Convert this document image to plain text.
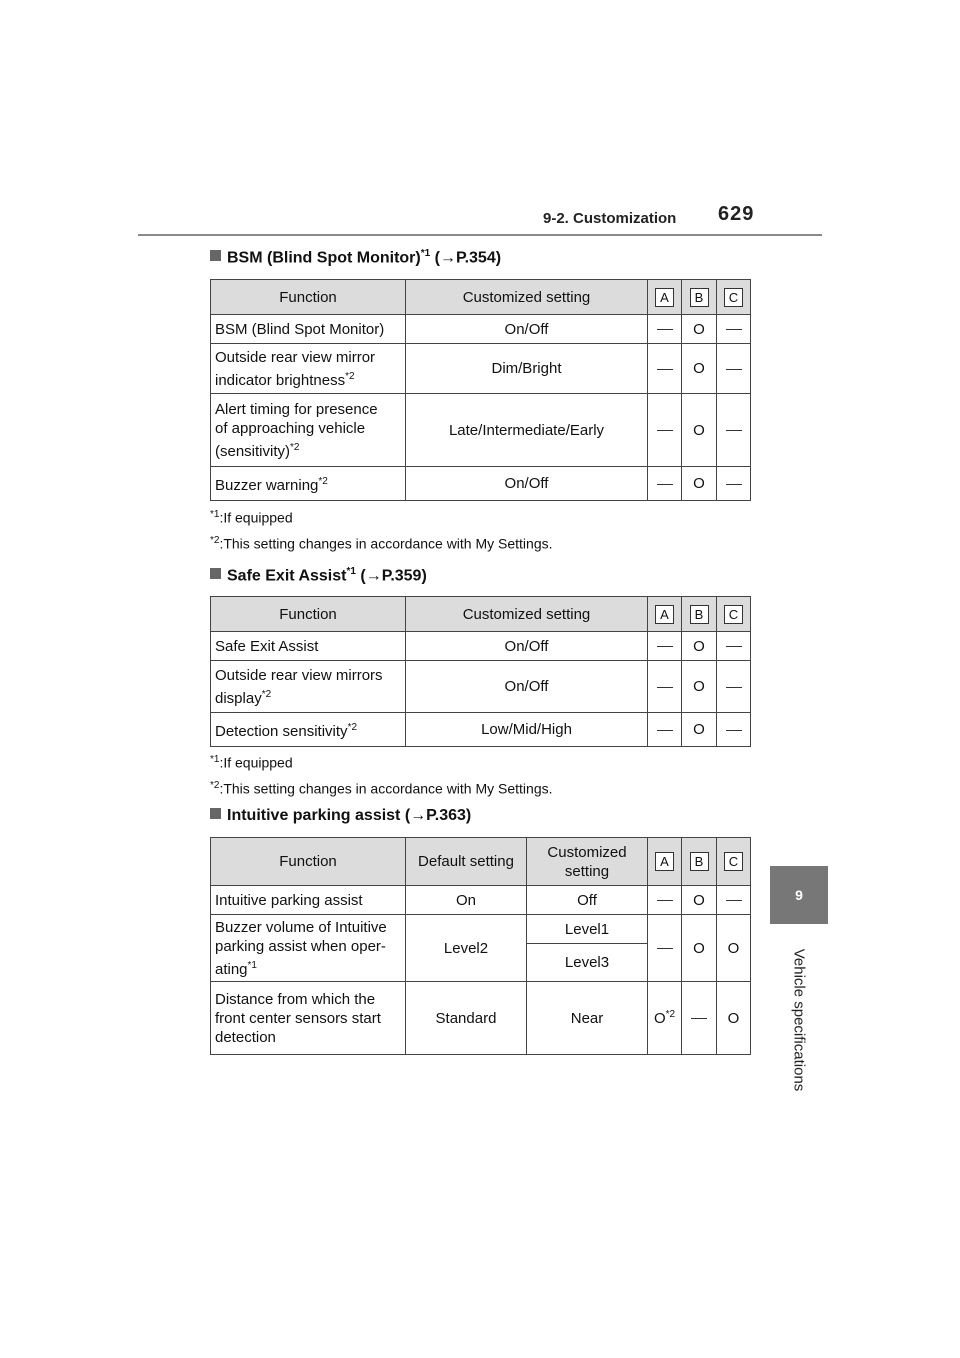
9-2. Customization 629
9
Vehicle specifications
BSM (Blind Spot Monitor)$^{*1}$ (→P.354)
Function	Customized setting	A	B	C
BSM (Blind Spot Monitor)	On/Off		O	
Outside rear view mirror
indicator brightness$^{*2}$	Dim/Bright		O	
Alert timing for presence
of approaching vehicle
(sensitivity)$^{*2}$	Late/Intermediate/Early		O	
Buzzer warning$^{*2}$	On/Off		O	
$^{*1}$:If equipped
$^{*2}$:This setting changes in accordance with My Settings.
Safe Exit Assist$^{*1}$ (→P.359)
Function	Customized setting	A	B	C
Safe Exit Assist	On/Off		O	
Outside rear view mirrors
display$^{*2}$	On/Off		O	
Detection sensitivity$^{*2}$	Low/Mid/High		O	
$^{*1}$:If equipped
$^{*2}$:This setting changes in accordance with My Settings.
Intuitive parking assist (→P.363)
Function	Default setting	Customized
setting	A	B	C
Intuitive parking assist	On	Off		O	
Buzzer volume of Intuitive
parking assist when oper-
ating$^{*1}$	Level2	Level1		O	O
		Level3			
Distance from which the
front center sensors start
detection	Standard	Near	$O^{*2}$		O
